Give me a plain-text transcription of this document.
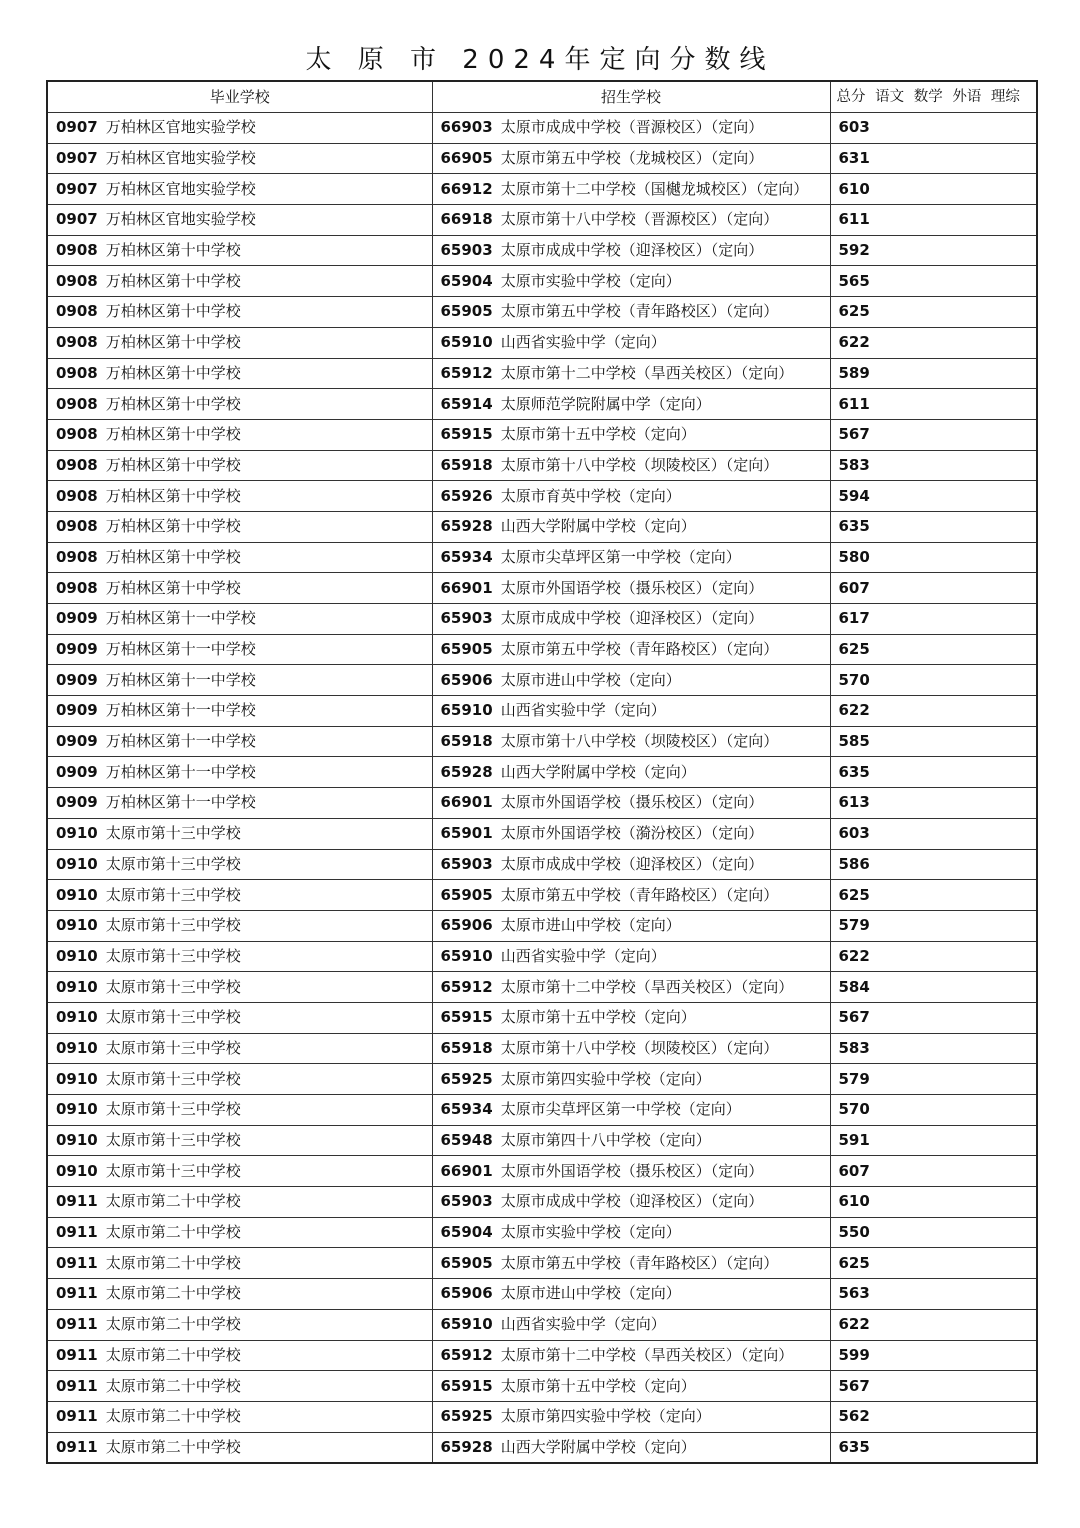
太 原 市 2024年定向分数线
毕业学校	招生学校	总分 语文 数学 外语 理综
0907 万柏林区官地实验学校	66903 太原市成成中学校（晋源校区）（定向）	603
0907 万柏林区官地实验学校	66905 太原市第五中学校（龙城校区）（定向）	631
0907 万柏林区官地实验学校	66912 太原市第十二中学校（国樾龙城校区）（定向）	610
0907 万柏林区官地实验学校	66918 太原市第十八中学校（晋源校区）（定向）	611
0908 万柏林区第十中学校	65903 太原市成成中学校（迎泽校区）（定向）	592
0908 万柏林区第十中学校	65904 太原市实验中学校（定向）	565
0908 万柏林区第十中学校	65905 太原市第五中学校（青年路校区）（定向）	625
0908 万柏林区第十中学校	65910 山西省实验中学（定向）	622
0908 万柏林区第十中学校	65912 太原市第十二中学校（旱西关校区）（定向）	589
0908 万柏林区第十中学校	65914 太原师范学院附属中学（定向）	611
0908 万柏林区第十中学校	65915 太原市第十五中学校（定向）	567
0908 万柏林区第十中学校	65918 太原市第十八中学校（坝陵校区）（定向）	583
0908 万柏林区第十中学校	65926 太原市育英中学校（定向）	594
0908 万柏林区第十中学校	65928 山西大学附属中学校（定向）	635
0908 万柏林区第十中学校	65934 太原市尖草坪区第一中学校（定向）	580
0908 万柏林区第十中学校	66901 太原市外国语学校（摄乐校区）（定向）	607
0909 万柏林区第十一中学校	65903 太原市成成中学校（迎泽校区）（定向）	617
0909 万柏林区第十一中学校	65905 太原市第五中学校（青年路校区）（定向）	625
0909 万柏林区第十一中学校	65906 太原市进山中学校（定向）	570
0909 万柏林区第十一中学校	65910 山西省实验中学（定向）	622
0909 万柏林区第十一中学校	65918 太原市第十八中学校（坝陵校区）（定向）	585
0909 万柏林区第十一中学校	65928 山西大学附属中学校（定向）	635
0909 万柏林区第十一中学校	66901 太原市外国语学校（摄乐校区）（定向）	613
0910 太原市第十三中学校	65901 太原市外国语学校（漪汾校区）（定向）	603
0910 太原市第十三中学校	65903 太原市成成中学校（迎泽校区）（定向）	586
0910 太原市第十三中学校	65905 太原市第五中学校（青年路校区）（定向）	625
0910 太原市第十三中学校	65906 太原市进山中学校（定向）	579
0910 太原市第十三中学校	65910 山西省实验中学（定向）	622
0910 太原市第十三中学校	65912 太原市第十二中学校（旱西关校区）（定向）	584
0910 太原市第十三中学校	65915 太原市第十五中学校（定向）	567
0910 太原市第十三中学校	65918 太原市第十八中学校（坝陵校区）（定向）	583
0910 太原市第十三中学校	65925 太原市第四实验中学校（定向）	579
0910 太原市第十三中学校	65934 太原市尖草坪区第一中学校（定向）	570
0910 太原市第十三中学校	65948 太原市第四十八中学校（定向）	591
0910 太原市第十三中学校	66901 太原市外国语学校（摄乐校区）（定向）	607
0911 太原市第二十中学校	65903 太原市成成中学校（迎泽校区）（定向）	610
0911 太原市第二十中学校	65904 太原市实验中学校（定向）	550
0911 太原市第二十中学校	65905 太原市第五中学校（青年路校区）（定向）	625
0911 太原市第二十中学校	65906 太原市进山中学校（定向）	563
0911 太原市第二十中学校	65910 山西省实验中学（定向）	622
0911 太原市第二十中学校	65912 太原市第十二中学校（旱西关校区）（定向）	599
0911 太原市第二十中学校	65915 太原市第十五中学校（定向）	567
0911 太原市第二十中学校	65925 太原市第四实验中学校（定向）	562
0911 太原市第二十中学校	65928 山西大学附属中学校（定向）	635
